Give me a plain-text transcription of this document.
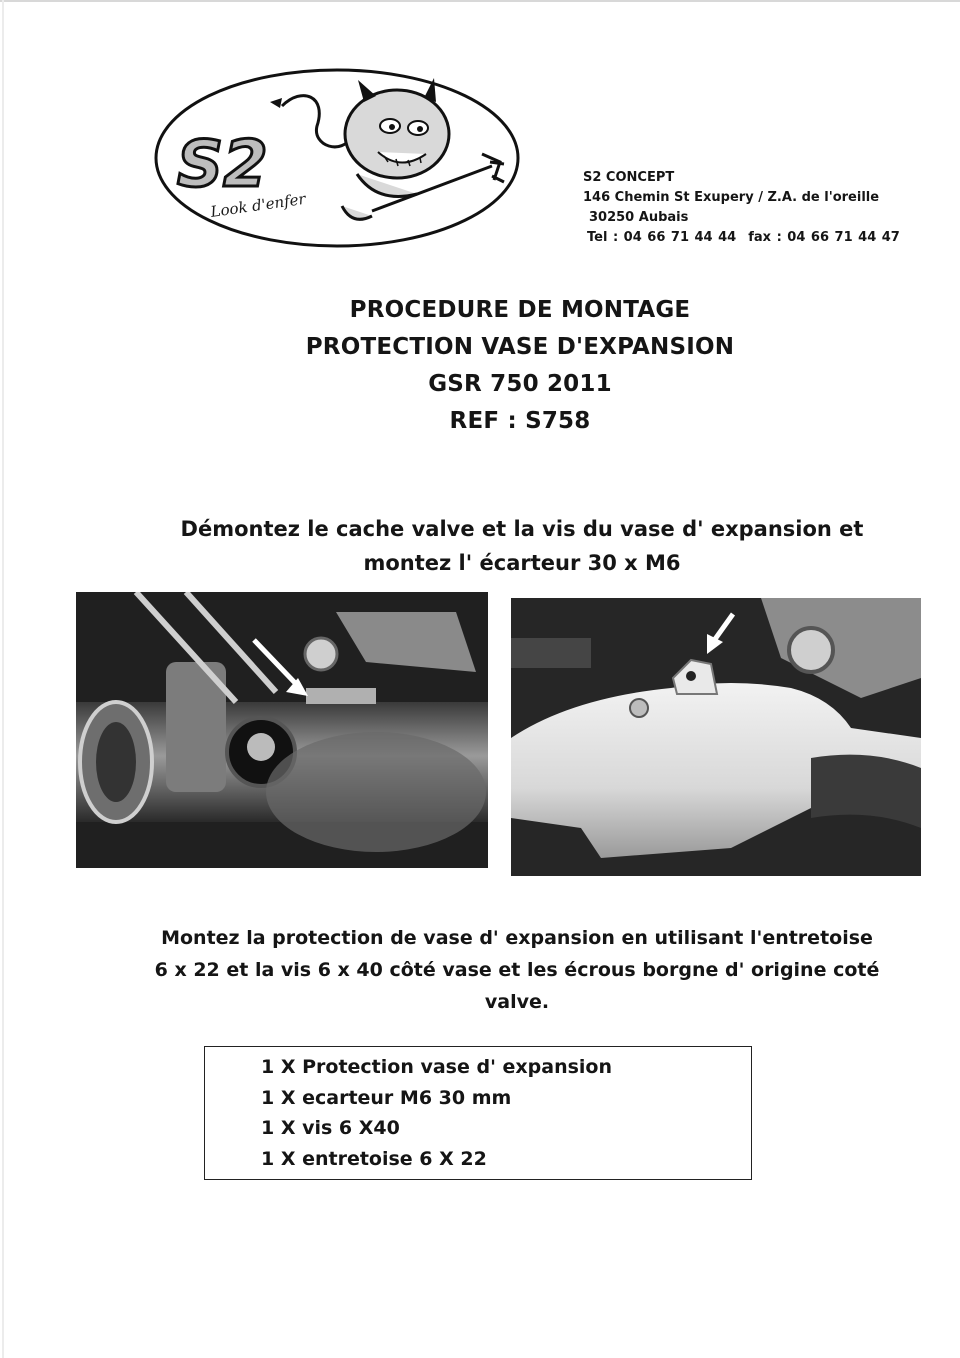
S2
Look d'enfer
S2 CONCEPT
146 Chemin St Exupery / Z.A. de l'oreille
30250 Aubais
Tel : 04 66 71 44 44 fax : 04 66 71 44 47
PROCEDURE DE MONTAGE
PROTECTION VASE D'EXPANSION
GSR 750 2011
REF : S758
Démontez le cache valve et la vis du vase d' expansion et
montez l' écarteur 30 x M6
Montez la protection de vase d' expansion en utilisant l'entretoise
6 x 22 et la vis 6 x 40 côté vase et les écrous borgne d' origine coté
valve.
1 X Protection vase d' expansion
1 X ecarteur M6 30 mm
1 X vis 6 X40
1 X entretoise 6 X 22
